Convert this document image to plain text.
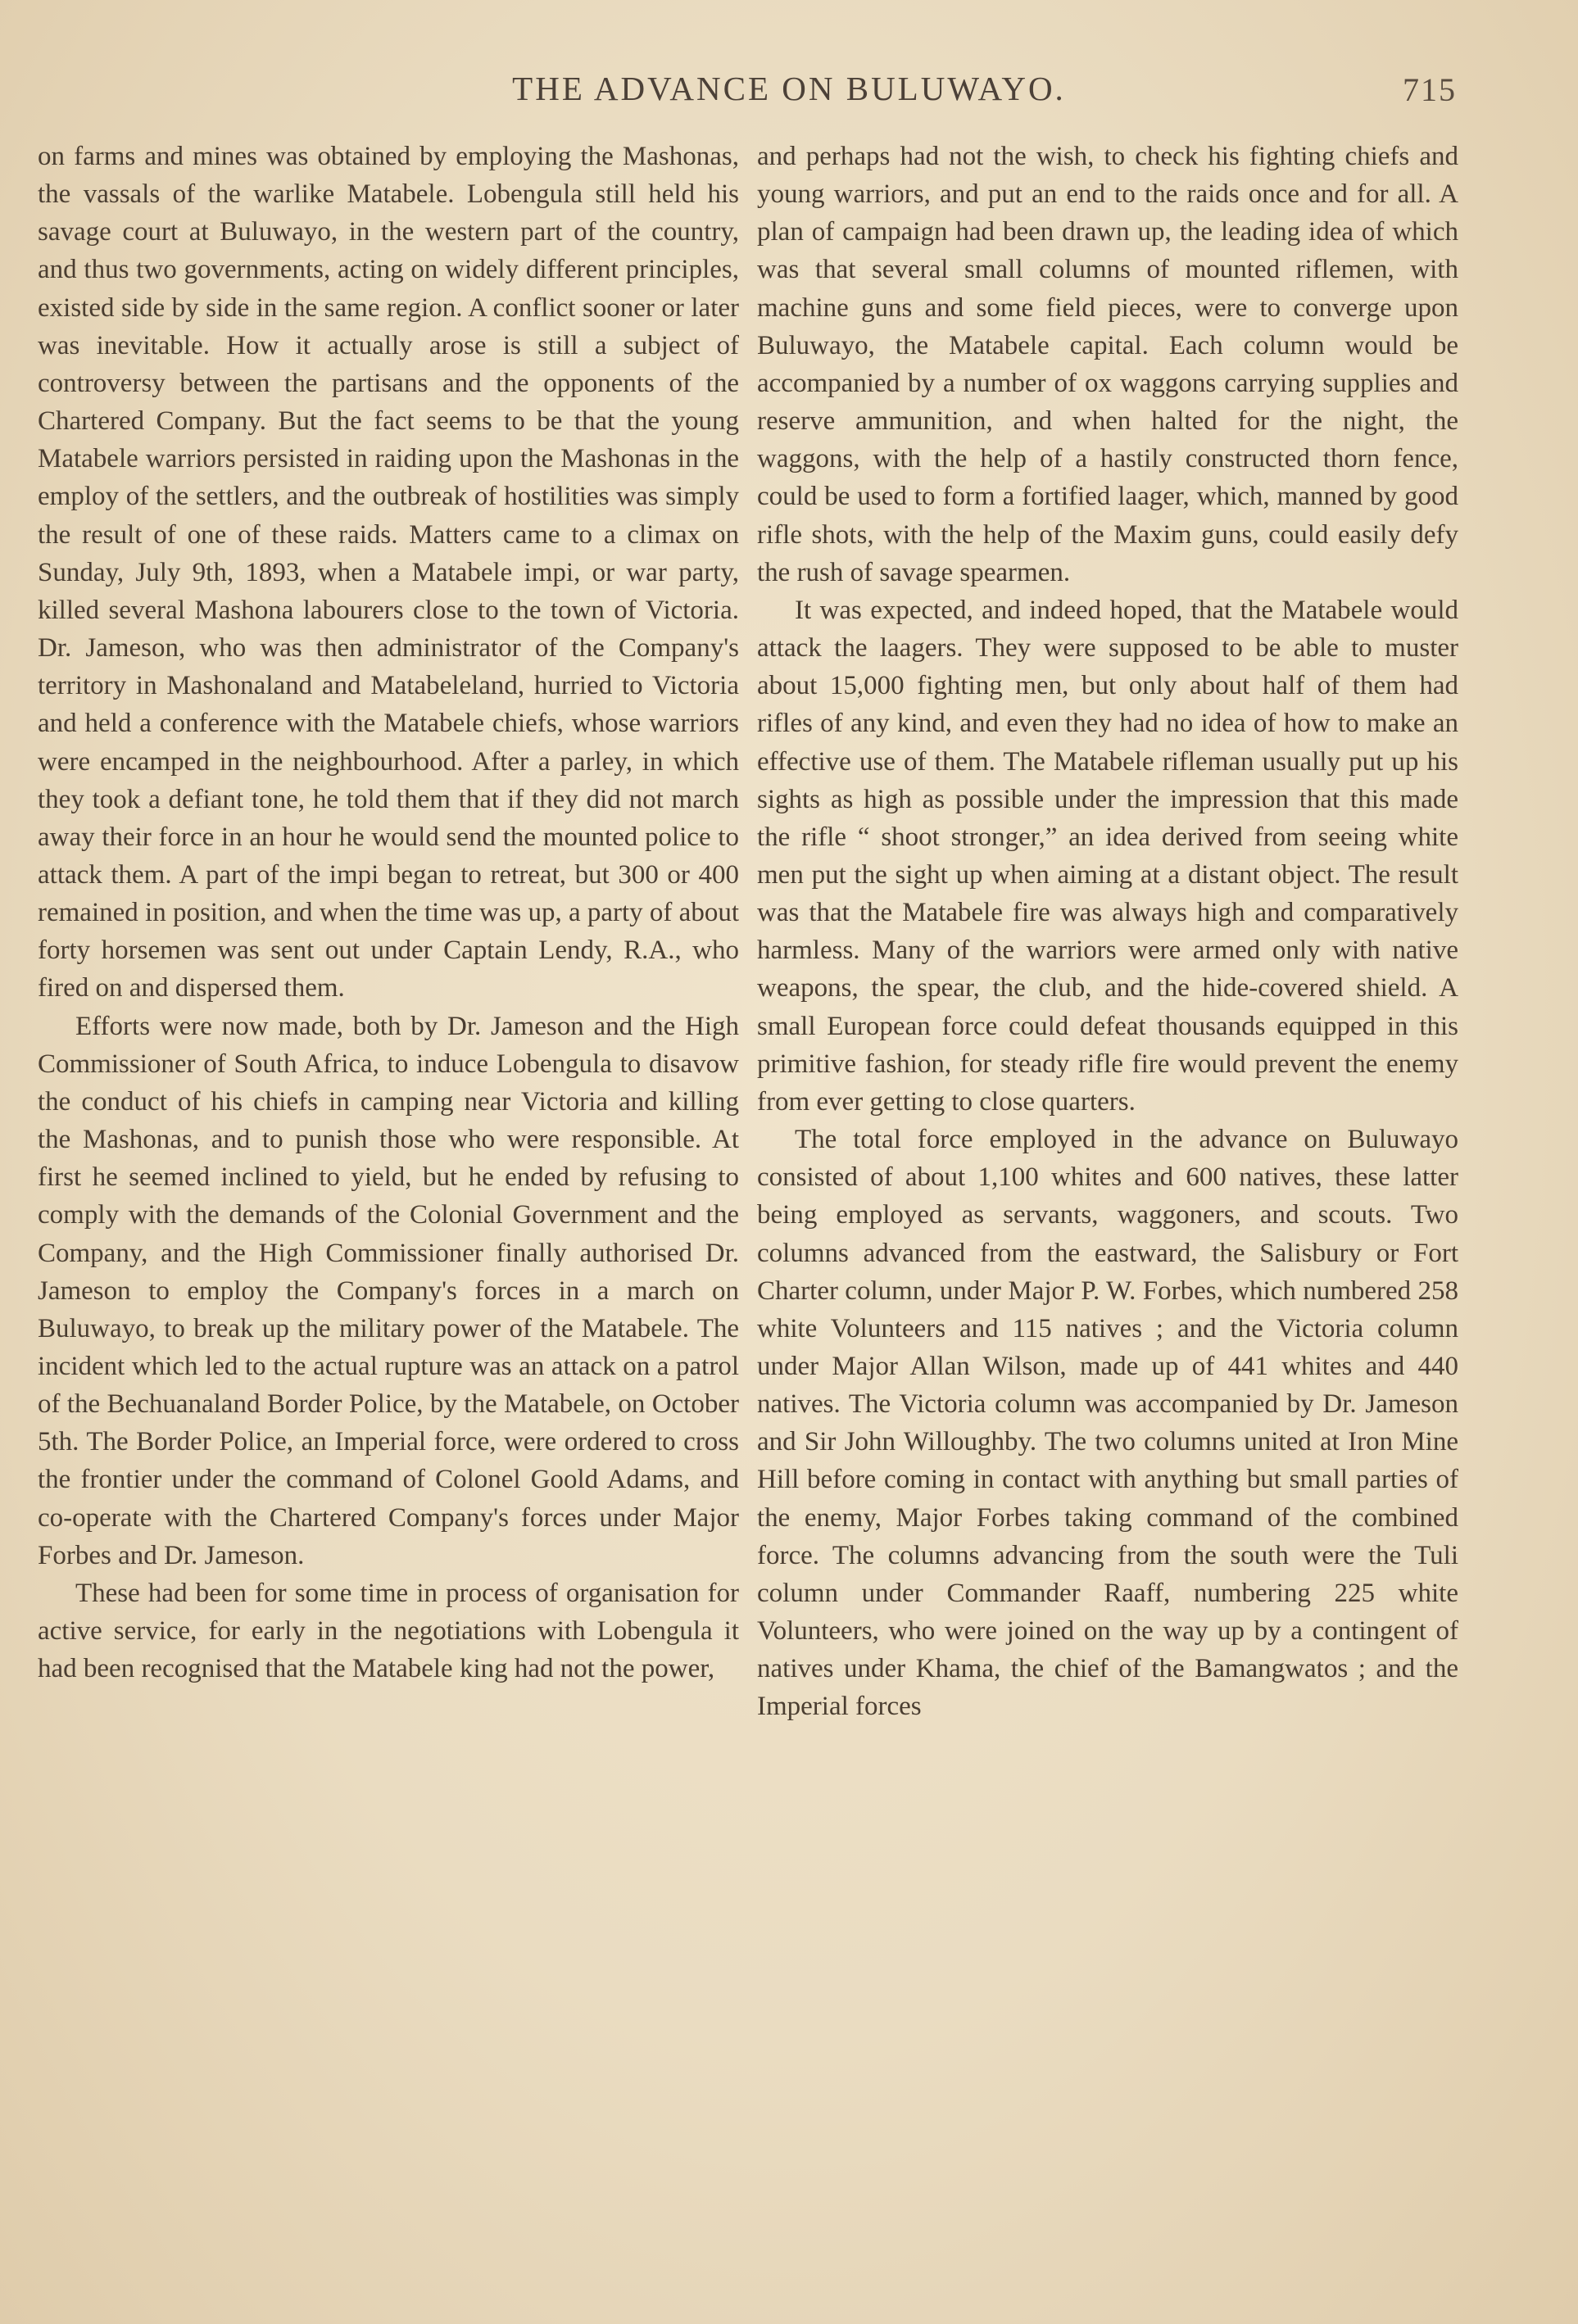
THE ADVANCE ON BULUWAYO.	715

on farms and mines was obtained by employing the Mashonas, the vassals of the warlike Matabele. Lobengula still held his savage court at Buluwayo, in the western part of the country, and thus two governments, acting on widely different principles, existed side by side in the same region. A conflict sooner or later was inevitable. How it actually arose is still a subject of controversy between the partisans and the opponents of the Chartered Company. But the fact seems to be that the young Matabele warriors persisted in raiding upon the Mashonas in the employ of the settlers, and the outbreak of hostilities was simply the result of one of these raids. Matters came to a climax on Sunday, July 9th, 1893, when a Matabele impi, or war party, killed several Mashona labourers close to the town of Victoria. Dr. Jameson, who was then administrator of the Company's territory in Mashonaland and Matabeleland, hurried to Victoria and held a conference with the Matabele chiefs, whose warriors were encamped in the neighbourhood. After a parley, in which they took a defiant tone, he told them that if they did not march away their force in an hour he would send the mounted police to attack them. A part of the impi began to retreat, but 300 or 400 remained in position, and when the time was up, a party of about forty horsemen was sent out under Captain Lendy, R.A., who fired on and dispersed them.

Efforts were now made, both by Dr. Jameson and the High Commissioner of South Africa, to induce Lobengula to disavow the conduct of his chiefs in camping near Victoria and killing the Mashonas, and to punish those who were responsible. At first he seemed inclined to yield, but he ended by refusing to comply with the demands of the Colonial Government and the Company, and the High Commissioner finally authorised Dr. Jameson to employ the Company's forces in a march on Buluwayo, to break up the military power of the Matabele. The incident which led to the actual rupture was an attack on a patrol of the Bechuanaland Border Police, by the Matabele, on October 5th. The Border Police, an Imperial force, were ordered to cross the frontier under the command of Colonel Goold Adams, and co-operate with the Chartered Company's forces under Major Forbes and Dr. Jameson.

These had been for some time in process of organisation for active service, for early in the negotiations with Lobengula it had been recognised that the Matabele king had not the power,

and perhaps had not the wish, to check his fighting chiefs and young warriors, and put an end to the raids once and for all. A plan of campaign had been drawn up, the leading idea of which was that several small columns of mounted riflemen, with machine guns and some field pieces, were to converge upon Buluwayo, the Matabele capital. Each column would be accompanied by a number of ox waggons carrying supplies and reserve ammunition, and when halted for the night, the waggons, with the help of a hastily constructed thorn fence, could be used to form a fortified laager, which, manned by good rifle shots, with the help of the Maxim guns, could easily defy the rush of savage spearmen.

It was expected, and indeed hoped, that the Matabele would attack the laagers. They were supposed to be able to muster about 15,000 fighting men, but only about half of them had rifles of any kind, and even they had no idea of how to make an effective use of them. The Matabele rifleman usually put up his sights as high as possible under the impression that this made the rifle “ shoot stronger,” an idea derived from seeing white men put the sight up when aiming at a distant object. The result was that the Matabele fire was always high and comparatively harmless. Many of the warriors were armed only with native weapons, the spear, the club, and the hide-covered shield. A small European force could defeat thousands equipped in this primitive fashion, for steady rifle fire would prevent the enemy from ever getting to close quarters.

The total force employed in the advance on Buluwayo consisted of about 1,100 whites and 600 natives, these latter being employed as servants, waggoners, and scouts. Two columns advanced from the eastward, the Salisbury or Fort Charter column, under Major P. W. Forbes, which numbered 258 white Volunteers and 115 natives ; and the Victoria column under Major Allan Wilson, made up of 441 whites and 440 natives. The Victoria column was accompanied by Dr. Jameson and Sir John Willoughby. The two columns united at Iron Mine Hill before coming in contact with anything but small parties of the enemy, Major Forbes taking command of the combined force. The columns advancing from the south were the Tuli column under Commander Raaff, numbering 225 white Volunteers, who were joined on the way up by a contingent of natives under Khama, the chief of the Bamangwatos ; and the Imperial forces
